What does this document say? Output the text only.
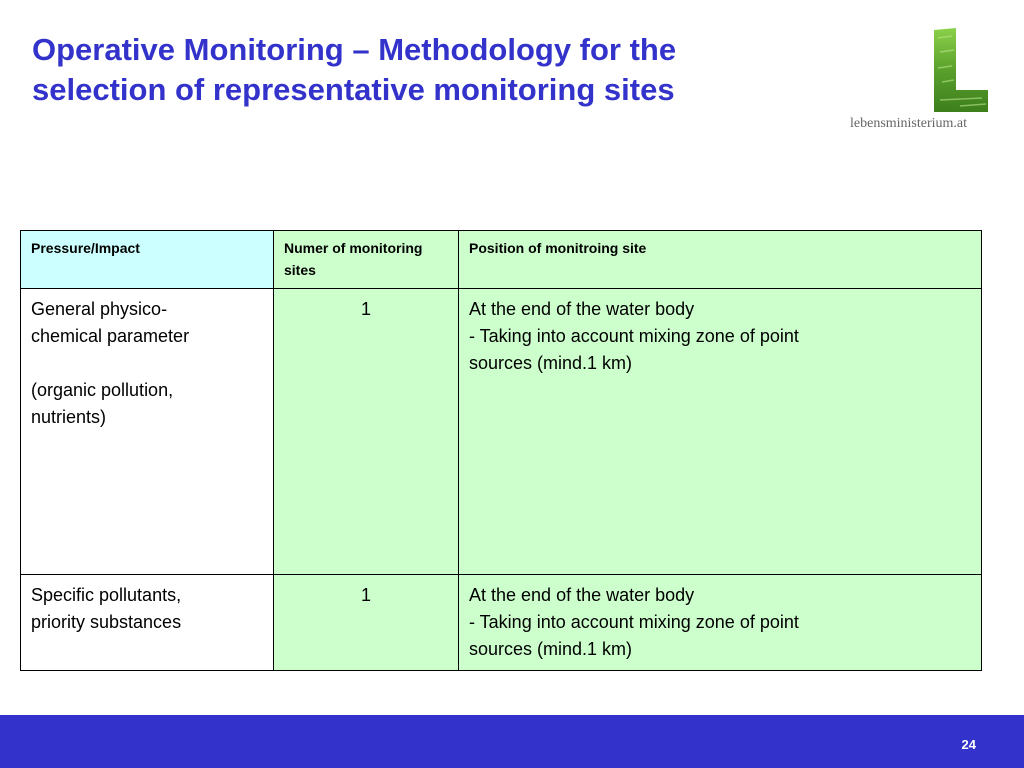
Operative Monitoring – Methodology for the
selection of representative monitoring sites
lebensministerium.at
Pressure/Impact	Numer of monitoring sites	Position of monitroing site

General physico-
chemical parameter
(organic pollution,
nutrients)	1	At the end of the water body
- Taking into account mixing zone of point
sources (mind.1 km)

Specific pollutants,
priority substances	1	At the end of the water body
- Taking into account mixing zone of point
sources (mind.1 km)
24
